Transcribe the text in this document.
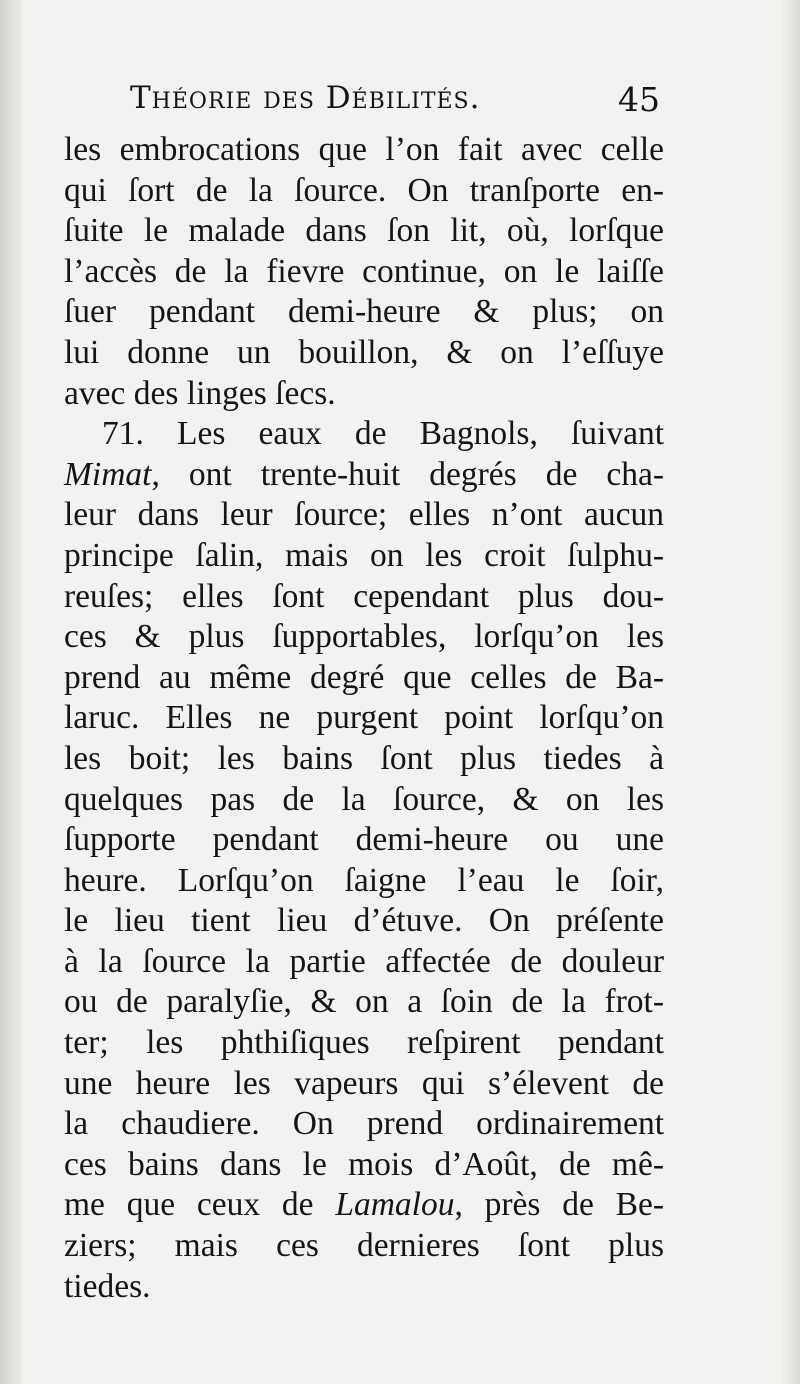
Théorie des Débilités.	45
les embrocations que l’on fait avec celle
qui ſort de la ſource. On tranſporte en-
ſuite le malade dans ſon lit, où, lorſque
l’accès de la fievre continue, on le laiſſe
ſuer pendant demi-heure & plus; on
lui donne un bouillon, & on l’eſſuye
avec des linges ſecs.
71. Les eaux de Bagnols, ſuivant
Mimat, ont trente-huit degrés de cha-
leur dans leur ſource; elles n’ont aucun
principe ſalin, mais on les croit ſulphu-
reuſes; elles ſont cependant plus dou-
ces & plus ſupportables, lorſqu’on les
prend au même degré que celles de Ba-
laruc. Elles ne purgent point lorſqu’on
les boit; les bains ſont plus tiedes à
quelques pas de la ſource, & on les
ſupporte pendant demi-heure ou une
heure. Lorſqu’on ſaigne l’eau le ſoir,
le lieu tient lieu d’étuve. On préſente
à la ſource la partie affectée de douleur
ou de paralyſie, & on a ſoin de la frot-
ter; les phthiſiques reſpirent pendant
une heure les vapeurs qui s’élevent de
la chaudiere. On prend ordinairement
ces bains dans le mois d’Août, de mê-
me que ceux de Lamalou, près de Be-
ziers; mais ces dernieres ſont plus
tiedes.
